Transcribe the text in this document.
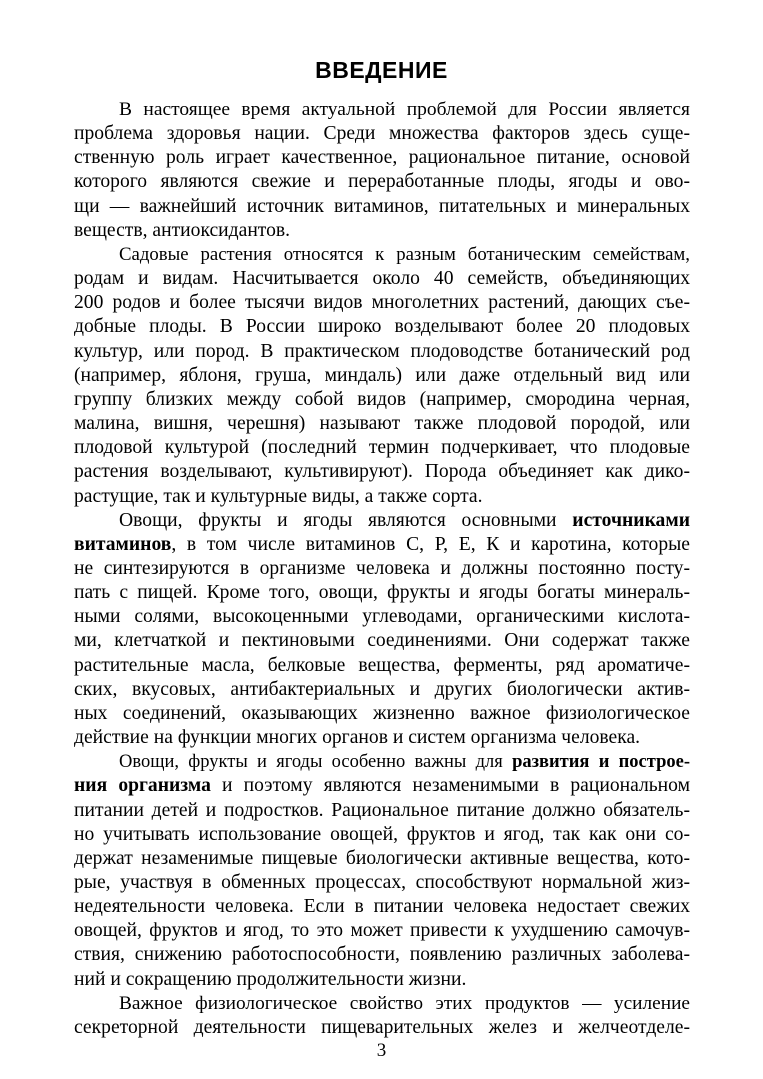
ВВЕДЕНИЕ

В настоящее время актуальной проблемой для России является
проблема здоровья нации. Среди множества факторов здесь суще-
ственную роль играет качественное, рациональное питание, основой
которого являются свежие и переработанные плоды, ягоды и ово-
щи — важнейший источник витаминов, питательных и минеральных
веществ, антиоксидантов.

Садовые растения относятся к разным ботаническим семействам,
родам и видам. Насчитывается около 40 семейств, объединяющих
200 родов и более тысячи видов многолетних растений, дающих съе-
добные плоды. В России широко возделывают более 20 плодовых
культур, или пород. В практическом плодоводстве ботанический род
(например, яблоня, груша, миндаль) или даже отдельный вид или
группу близких между собой видов (например, смородина черная,
малина, вишня, черешня) называют также плодовой породой, или
плодовой культурой (последний термин подчеркивает, что плодовые
растения возделывают, культивируют). Порода объединяет как дико-
растущие, так и культурные виды, а также сорта.

Овощи, фрукты и ягоды являются основными источниками
витаминов, в том числе витаминов С, Р, Е, К и каротина, которые
не синтезируются в организме человека и должны постоянно посту-
пать с пищей. Кроме того, овощи, фрукты и ягоды богаты минераль-
ными солями, высокоценными углеводами, органическими кислота-
ми, клетчаткой и пектиновыми соединениями. Они содержат также
растительные масла, белковые вещества, ферменты, ряд ароматиче-
ских, вкусовых, антибактериальных и других биологически актив-
ных соединений, оказывающих жизненно важное физиологическое
действие на функции многих органов и систем организма человека.

Овощи, фрукты и ягоды особенно важны для развития и построе-
ния организма и поэтому являются незаменимыми в рациональном
питании детей и подростков. Рациональное питание должно обязатель-
но учитывать использование овощей, фруктов и ягод, так как они со-
держат незаменимые пищевые биологически активные вещества, кото-
рые, участвуя в обменных процессах, способствуют нормальной жиз-
недеятельности человека. Если в питании человека недостает свежих
овощей, фруктов и ягод, то это может привести к ухудшению самочув-
ствия, снижению работоспособности, появлению различных заболева-
ний и сокращению продолжительности жизни.

Важное физиологическое свойство этих продуктов — усиление
секреторной деятельности пищеварительных желез и желчеотделе-

3
